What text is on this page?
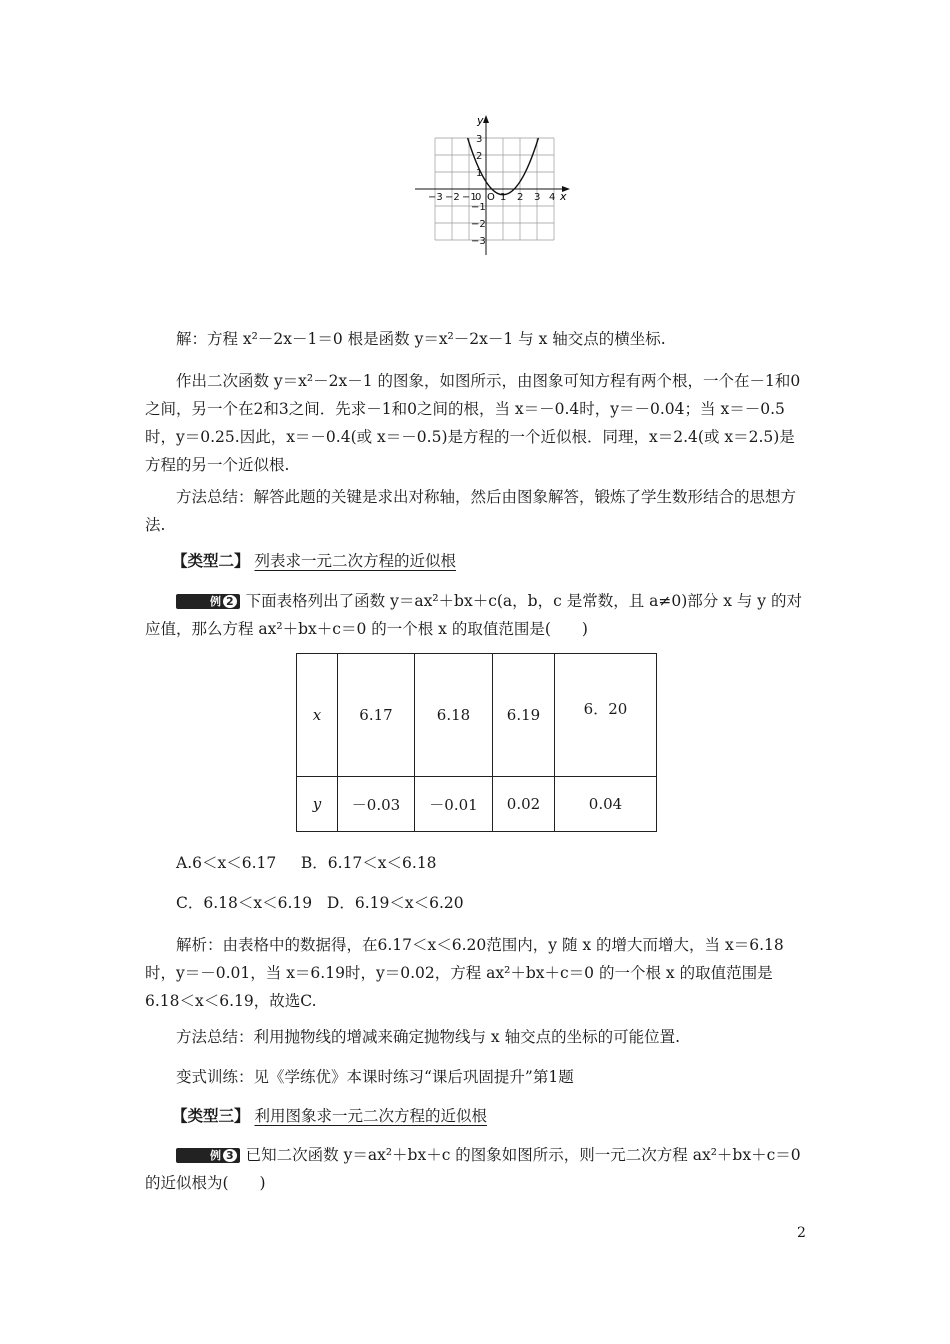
y
x
O
−3 −2 −1
0 1 2 3 4
3
2
1
−1
−2
−3
解：方程 x²－2x－1＝0 根是函数 y＝x²－2x－1 与 x 轴交点的横坐标.
作出二次函数 y＝x²－2x－1 的图象，如图所示，由图象可知方程有两个根，一个在－1和0之间，另一个在2和3之间．先求－1和0之间的根，当 x＝－0.4时，y＝－0.04；当 x＝－0.5时，y＝0.25.因此，x＝－0.4(或 x＝－0.5)是方程的一个近似根．同理，x＝2.4(或 x＝2.5)是方程的另一个近似根.
方法总结：解答此题的关键是求出对称轴，然后由图象解答，锻炼了学生数形结合的思想方法.
【类型二】 列表求一元二次方程的近似根
例 2 下面表格列出了函数 y＝ax²＋bx＋c(a，b，c 是常数，且 a≠0)部分 x 与 y 的对应值，那么方程 ax²＋bx＋c＝0 的一个根 x 的取值范围是(　　)
x	6.17	6.18	6.19	6．20
y	－0.03	－0.01	0.02	0.04
A.6＜x＜6.17 B．6.17＜x＜6.18
C．6.18＜x＜6.19 D．6.19＜x＜6.20
解析：由表格中的数据得，在6.17＜x＜6.20范围内，y 随 x 的增大而增大，当 x＝6.18时，y＝－0.01，当 x＝6.19时，y＝0.02，方程 ax²＋bx＋c＝0 的一个根 x 的取值范围是6.18＜x＜6.19，故选C.
方法总结：利用抛物线的增减来确定抛物线与 x 轴交点的坐标的可能位置.
变式训练：见《学练优》本课时练习“课后巩固提升”第1题
【类型三】 利用图象求一元二次方程的近似根
例 3 已知二次函数 y＝ax²＋bx＋c 的图象如图所示，则一元二次方程 ax²＋bx＋c＝0 的近似根为(　　)
2
